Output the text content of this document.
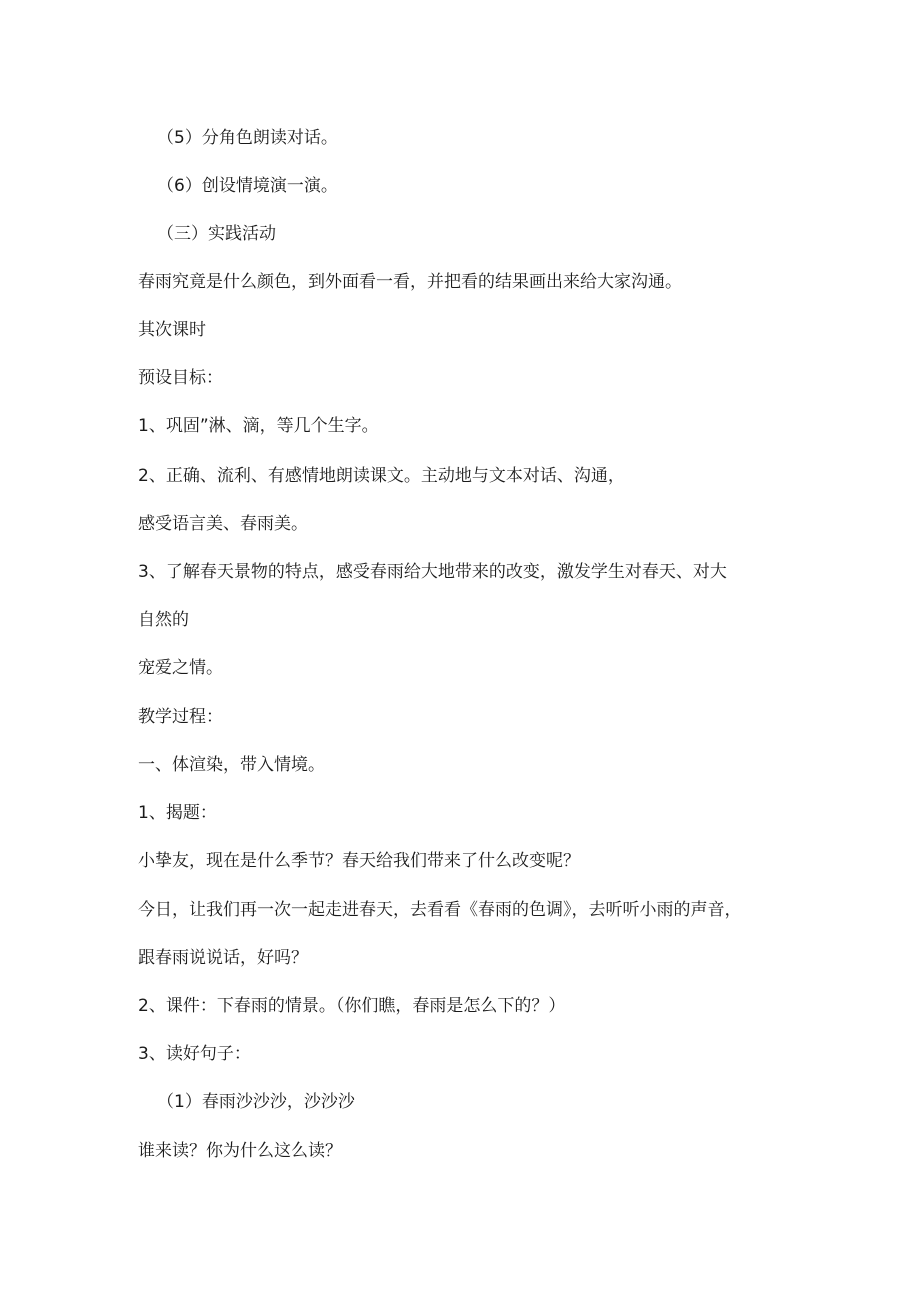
（5）分角色朗读对话。
（6）创设情境演一演。
（三）实践活动
春雨究竟是什么颜色，到外面看一看，并把看的结果画出来给大家沟通。
其次课时
预设目标：
1、巩固”淋、滴，等几个生字。
2、正确、流利、有感情地朗读课文。主动地与文本对话、沟通，
感受语言美、春雨美。
3、了解春天景物的特点，感受春雨给大地带来的改变，激发学生对春天、对大
自然的
宠爱之情。
教学过程：
一、体渲染，带入情境。
1、揭题：
小挚友，现在是什么季节？春天给我们带来了什么改变呢？
今日，让我们再一次一起走进春天，去看看《春雨的色调》，去听听小雨的声音，
跟春雨说说话，好吗？
2、课件：下春雨的情景。（你们瞧，春雨是怎么下的？）
3、读好句子：
（1）春雨沙沙沙，沙沙沙
谁来读？你为什么这么读？
